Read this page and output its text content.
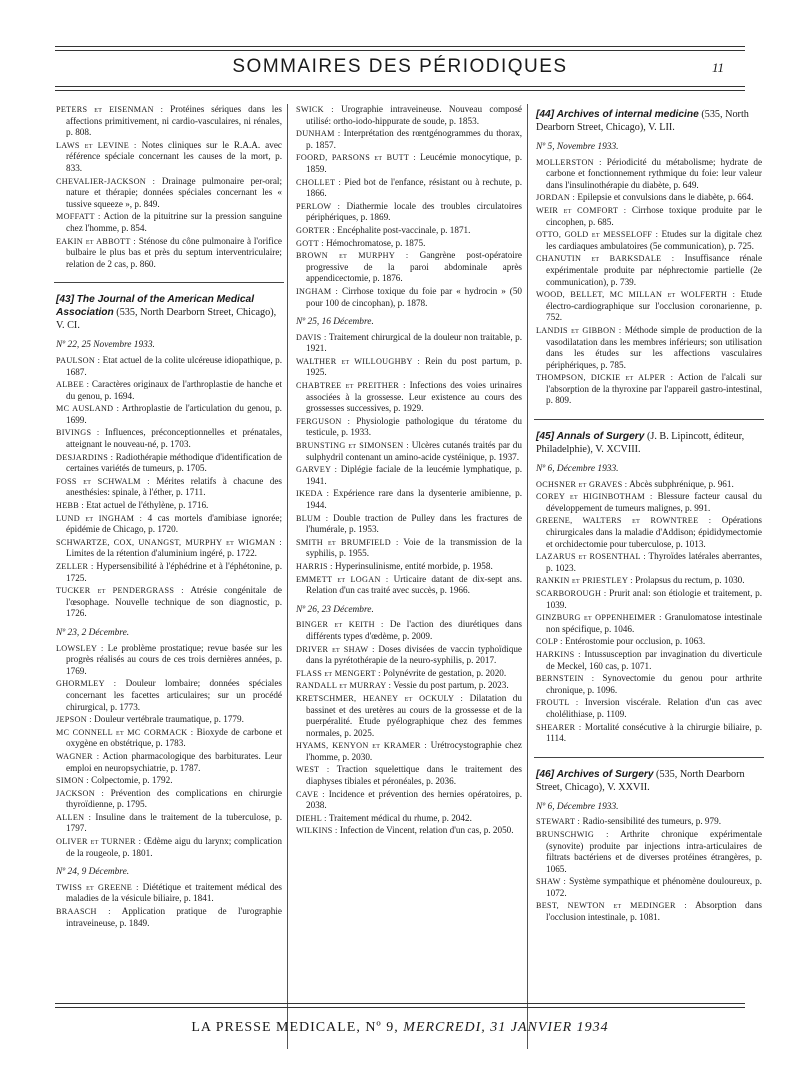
SOMMAIRES DES PÉRIODIQUES	11
PETERS et EISENMAN : Protéines sériques dans les affections primitivement, ni cardio-vasculaires, ni rénales, p. 808.
LAWS et LEVINE : Notes cliniques sur le R.A.A. avec référence spéciale concernant les causes de la mort, p. 833.
CHEVALIER-JACKSON : Drainage pulmonaire per-oral; nature et thérapie; données spéciales concernant les « tussive squeeze », p. 849.
MOFFATT : Action de la pituitrine sur la pression sanguine chez l'homme, p. 854.
EAKIN et ABBOTT : Sténose du cône pulmonaire à l'orifice bulbaire le plus bas et près du septum interventriculaire; relation de 2 cas, p. 860.
[43] The Journal of the American Medical Association (535, North Dearborn Street, Chicago), V. CI.
Nº 22, 25 Novembre 1933.
PAULSON : Etat actuel de la colite ulcéreuse idiopathique, p. 1687.
ALBEE : Caractères originaux de l'arthroplastie de hanche et du genou, p. 1694.
MC AUSLAND : Arthroplastie de l'articulation du genou, p. 1699.
BIVINGS : Influences, préconceptionnelles et prénatales, atteignant le nouveau-né, p. 1703.
DESJARDINS : Radiothérapie méthodique d'identification de certaines variétés de tumeurs, p. 1705.
FOSS et SCHWALM : Mérites relatifs à chacune des anesthésies: spinale, à l'éther, p. 1711.
HEBB : Etat actuel de l'éthylène, p. 1716.
LUND et INGHAM : 4 cas mortels d'amibiase ignorée; épidémie de Chicago, p. 1720.
SCHWARTZE, COX, UNANGST, MURPHY et WIGMAN : Limites de la rétention d'aluminium ingéré, p. 1722.
ZELLER : Hypersensibilité à l'éphédrine et à l'éphétonine, p. 1725.
TUCKER et PENDERGRASS : Atrésie congénitale de l'œsophage. Nouvelle technique de son diagnostic, p. 1726.
Nº 23, 2 Décembre.
LOWSLEY : Le problème prostatique; revue basée sur les progrès réalisés au cours de ces trois dernières années, p. 1769.
GHORMLEY : Douleur lombaire; données spéciales concernant les facettes articulaires; sur un procédé chirurgical, p. 1773.
JEPSON : Douleur vertébrale traumatique, p. 1779.
MC CONNELL et MC CORMACK : Bioxyde de carbone et oxygène en obstétrique, p. 1783.
WAGNER : Action pharmacologique des barbiturates. Leur emploi en neuropsychiatrie, p. 1787.
SIMON : Colpectomie, p. 1792.
JACKSON : Prévention des complications en chirurgie thyroïdienne, p. 1795.
ALLEN : Insuline dans le traitement de la tuberculose, p. 1797.
OLIVER et TURNER : Œdème aigu du larynx; complication de la rougeole, p. 1801.
Nº 24, 9 Décembre.
TWISS et GREENE : Diététique et traitement médical des maladies de la vésicule biliaire, p. 1841.
BRAASCH : Application pratique de l'urographie intraveineuse, p. 1849.
SWICK : Urographie intraveineuse. Nouveau composé utilisé: ortho-iodo-hippurate de soude, p. 1853.
DUNHAM : Interprétation des rœntgénogrammes du thorax, p. 1857.
FOORD, PARSONS et BUTT : Leucémie monocytique, p. 1859.
CHOLLET : Pied bot de l'enfance, résistant ou à rechute, p. 1866.
PERLOW : Diathermie locale des troubles circulatoires périphériques, p. 1869.
GORTER : Encéphalite post-vaccinale, p. 1871.
GOTT : Hémochromatose, p. 1875.
BROWN et MURPHY : Gangrène post-opératoire progressive de la paroi abdominale après appendicectomie, p. 1876.
INGHAM : Cirrhose toxique du foie par « hydrocin » (50 pour 100 de cincophan), p. 1878.
Nº 25, 16 Décembre.
DAVIS : Traitement chirurgical de la douleur non traitable, p. 1921.
WALTHER et WILLOUGHBY : Rein du post partum, p. 1925.
CHABTREE et PREITHER : Infections des voies urinaires associées à la grossesse. Leur existence au cours des grossesses successives, p. 1929.
FERGUSON : Physiologie pathologique du tératome du testicule, p. 1933.
BRUNSTING et SIMONSEN : Ulcères cutanés traités par du sulphydril contenant un amino-acide cystéinique, p. 1937.
GARVEY : Diplégie faciale de la leucémie lymphatique, p. 1941.
IKEDA : Expérience rare dans la dysenterie amibienne, p. 1944.
BLUM : Double traction de Pulley dans les fractures de l'humérale, p. 1953.
SMITH et BRUMFIELD : Voie de la transmission de la syphilis, p. 1955.
HARRIS : Hyperinsulinisme, entité morbide, p. 1958.
EMMETT et LOGAN : Urticaire datant de dix-sept ans. Relation d'un cas traité avec succès, p. 1966.
Nº 26, 23 Décembre.
BINGER et KEITH : De l'action des diurétiques dans différents types d'œdème, p. 2009.
DRIVER et SHAW : Doses divisées de vaccin typhoïdique dans la pyrétothérapie de la neuro-syphilis, p. 2017.
FLASS et MENGERT : Polynévrite de gestation, p. 2020.
RANDALL et MURRAY : Vessie du post partum, p. 2023.
KRETSCHMER, HEANEY et OCKULY : Dilatation du bassinet et des uretères au cours de la grossesse et de la puerpéralité. Etude pyélographique chez des femmes normales, p. 2025.
HYAMS, KENYON et KRAMER : Urétrocystographie chez l'homme, p. 2030.
WEST : Traction squelettique dans le traitement des diaphyses tibiales et péronéales, p. 2036.
CAVE : Incidence et prévention des hernies opératoires, p. 2038.
DIEHL : Traitement médical du rhume, p. 2042.
WILKINS : Infection de Vincent, relation d'un cas, p. 2050.
[44] Archives of internal medicine (535, North Dearborn Street, Chicago), V. LII.
Nº 5, Novembre 1933.
MOLLERSTON : Périodicité du métabolisme; hydrate de carbone et fonctionnement rythmique du foie: leur valeur dans l'insulinothérapie du diabète, p. 649.
JORDAN : Epilepsie et convulsions dans le diabète, p. 664.
WEIR et COMFORT : Cirrhose toxique produite par le cincophen, p. 685.
OTTO, GOLD et MESSELOFF : Etudes sur la digitale chez les cardiaques ambulatoires (5e communication), p. 725.
CHANUTIN et BARKSDALE : Insuffisance rénale expérimentale produite par néphrectomie partielle (2e communication), p. 739.
WOOD, BELLET, MC MILLAN et WOLFERTH : Etude électro-cardiographique sur l'occlusion coronarienne, p. 752.
LANDIS et GIBBON : Méthode simple de production de la vasodilatation dans les membres inférieurs; son utilisation dans les études sur les affections vasculaires périphériques, p. 785.
THOMPSON, DICKIE et ALPER : Action de l'alcali sur l'absorption de la thyroxine par l'appareil gastro-intestinal, p. 809.
[45] Annals of Surgery (J. B. Lipincott, éditeur, Philadelphie), V. XCVIII.
Nº 6, Décembre 1933.
OCHSNER et GRAVES : Abcès subphrénique, p. 961.
COREY et HIGINBOTHAM : Blessure facteur causal du développement de tumeurs malignes, p. 991.
GREENE, WALTERS et ROWNTREE : Opérations chirurgicales dans la maladie d'Addison; épididymectomie et orchidectomie pour tuberculose, p. 1013.
LAZARUS et ROSENTHAL : Thyroïdes latérales aberrantes, p. 1023.
RANKIN et PRIESTLEY : Prolapsus du rectum, p. 1030.
SCARBOROUGH : Prurit anal: son étiologie et traitement, p. 1039.
GINZBURG et OPPENHEIMER : Granulomatose intestinale non spécifique, p. 1046.
COLP : Entérostomie pour occlusion, p. 1063.
HARKINS : Intussusception par invagination du diverticule de Meckel, 160 cas, p. 1071.
BERNSTEIN : Synovectomie du genou pour arthrite chronique, p. 1096.
FROUTL : Inversion viscérale. Relation d'un cas avec cholélithiase, p. 1109.
SHEARER : Mortalité consécutive à la chirurgie biliaire, p. 1114.
[46] Archives of Surgery (535, North Dearborn Street, Chicago), V. XXVII.
Nº 6, Décembre 1933.
STEWART : Radio-sensibilité des tumeurs, p. 979.
BRUNSCHWIG : Arthrite chronique expérimentale (synovite) produite par injections intra-articulaires de filtrats bactériens et de diverses protéines étrangères, p. 1065.
SHAW : Système sympathique et phénomène douloureux, p. 1072.
BEST, NEWTON et MEDINGER : Absorption dans l'occlusion intestinale, p. 1081.
LA PRESSE MEDICALE, Nº 9, MERCREDI, 31 JANVIER 1934
